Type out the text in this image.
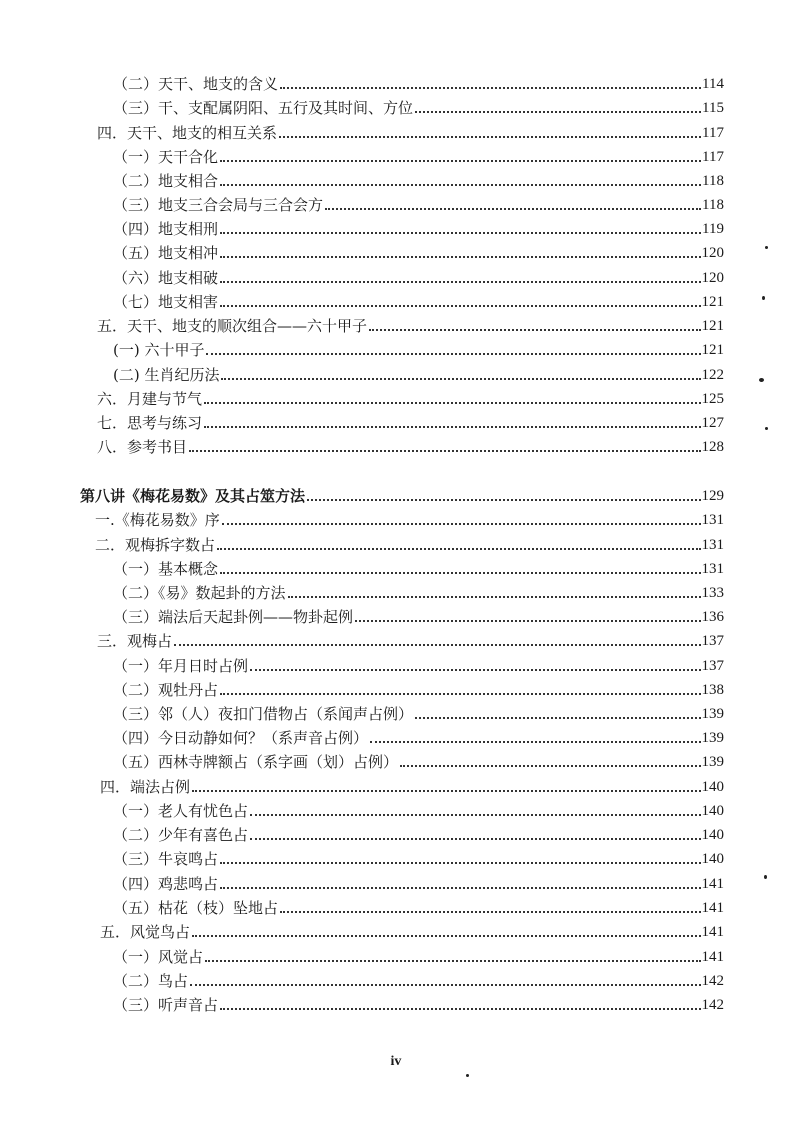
（二）天干、地支的含义	114
（三）干、支配属阴阳、五行及其时间、方位	115
四．天干、地支的相互关系	117
（一）天干合化	117
（二）地支相合	118
（三）地支三合会局与三合会方	118
（四）地支相刑	119
（五）地支相冲	120
（六）地支相破	120
（七）地支相害	121
五．天干、地支的顺次组合——六十甲子	121
(一) 六十甲子	121
(二) 生肖纪历法	122
六．月建与节气	125
七．思考与练习	127
八．参考书目	128
第八讲《梅花易数》及其占筮方法	129
一.《梅花易数》序	131
二．观梅拆字数占	131
（一）基本概念	131
（二）《易》数起卦的方法	133
（三）端法后天起卦例——物卦起例	136
三．观梅占	137
（一）年月日时占例	137
（二）观牡丹占	138
（三）邻（人）夜扣门借物占（系闻声占例）	139
（四）今日动静如何？（系声音占例）	139
（五）西林寺牌额占（系字画（划）占例）	139
四．端法占例	140
（一）老人有忧色占	140
（二）少年有喜色占	140
（三）牛哀鸣占	140
（四）鸡悲鸣占	141
（五）枯花（枝）坠地占	141
五．风觉鸟占	141
（一）风觉占	141
（二）鸟占	142
（三）听声音占	142
iv
